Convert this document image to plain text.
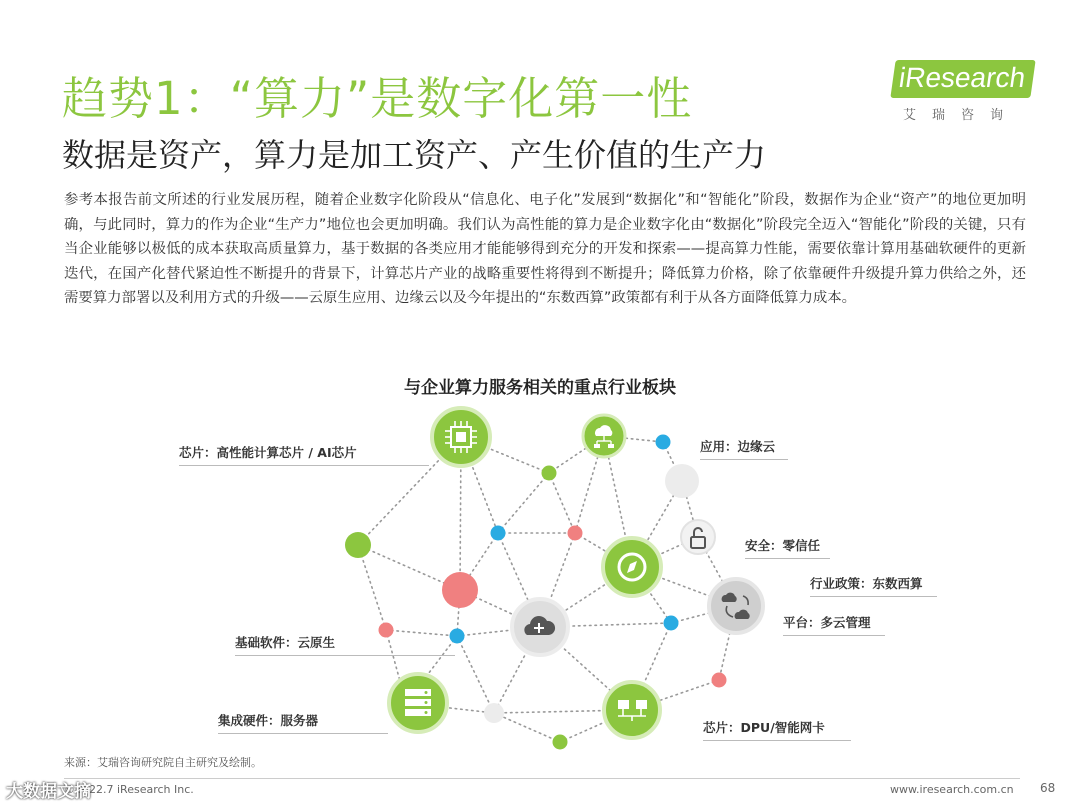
趋势1：“算力”是数字化第一性
数据是资产，算力是加工资产、产生价值的生产力
iResearch
艾瑞咨询
参考本报告前文所述的行业发展历程，随着企业数字化阶段从“信息化、电子化”发展到“数据化”和“智能化”阶段，数据作为企业“资产”的地位更加明确，与此同时，算力的作为企业“生产力”地位也会更加明确。我们认为高性能的算力是企业数字化由“数据化”阶段完全迈入“智能化”阶段的关键，只有当企业能够以极低的成本获取高质量算力，基于数据的各类应用才能能够得到充分的开发和探索——提高算力性能，需要依靠计算用基础软硬件的更新迭代，在国产化替代紧迫性不断提升的背景下，计算芯片产业的战略重要性将得到不断提升；降低算力价格，除了依靠硬件升级提升算力供给之外，还需要算力部署以及利用方式的升级——云原生应用、边缘云以及今年提出的“东数西算”政策都有利于从各方面降低算力成本。
与企业算力服务相关的重点行业板块
芯片：高性能计算芯片 / AI芯片	应用：边缘云
安全：零信任
行业政策：东数西算
平台：多云管理
基础软件：云原生
集成硬件：服务器	芯片：DPU/智能网卡
来源：艾瑞咨询研究院自主研究及绘制。
©2022.7 iResearch Inc.	www.iresearch.com.cn 68
大数据文摘
